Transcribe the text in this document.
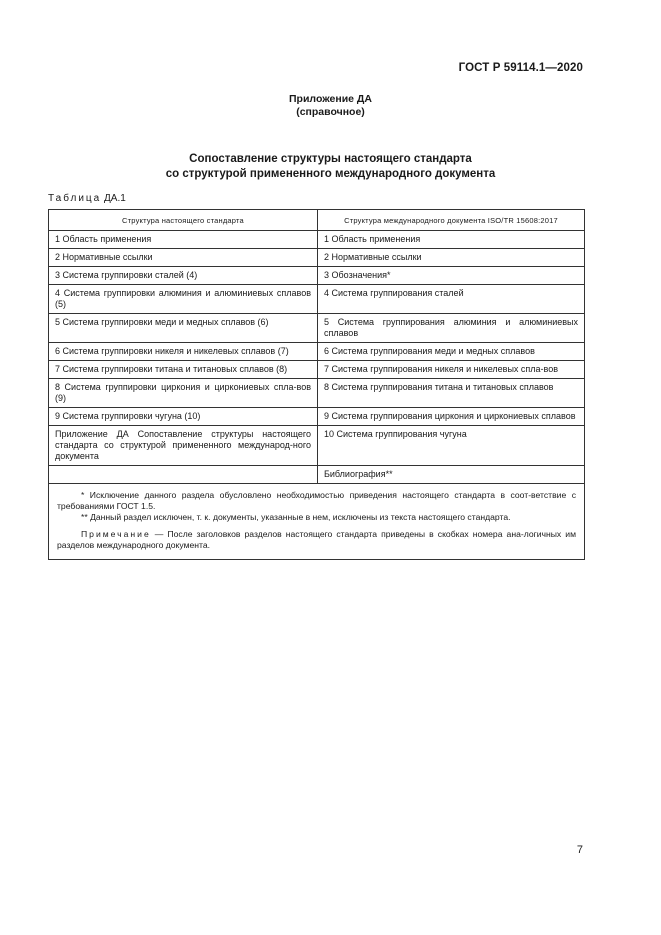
ГОСТ Р 59114.1—2020
Приложение ДА
(справочное)
Сопоставление структуры настоящего стандарта
со структурой примененного международного документа
Таблица ДА.1
Структура настоящего стандарта	Структура международного документа ISO/TR 15608:2017
1 Область применения	1 Область применения
2 Нормативные ссылки	2 Нормативные ссылки
3 Система группировки сталей (4)	3 Обозначения*
4 Система группировки алюминия и алюминиевых сплавов (5)	4 Система группирования сталей
5 Система группировки меди и медных сплавов (6)	5 Система группирования алюминия и алюминиевых сплавов
6 Система группировки никеля и никелевых сплавов (7)	6 Система группирования меди и медных сплавов
7 Система группировки титана и титановых сплавов (8)	7 Система группирования никеля и никелевых спла-вов
8 Система группировки циркония и циркониевых спла-вов (9)	8 Система группирования титана и титановых сплавов
9 Система группировки чугуна (10)	9 Система группирования циркония и циркониевых сплавов
Приложение ДА Сопоставление структуры настоящего стандарта со структурой примененного международ-ного документа	10 Система группирования чугуна
	Библиография**

* Исключение данного раздела обусловлено необходимостью приведения настоящего стандарта в соот-ветствие с требованиями ГОСТ 1.5.

** Данный раздел исключен, т. к. документы, указанные в нем, исключены из текста настоящего стандарта.

Примечание — После заголовков разделов настоящего стандарта приведены в скобках номера ана-логичных им разделов международного документа.	

7
